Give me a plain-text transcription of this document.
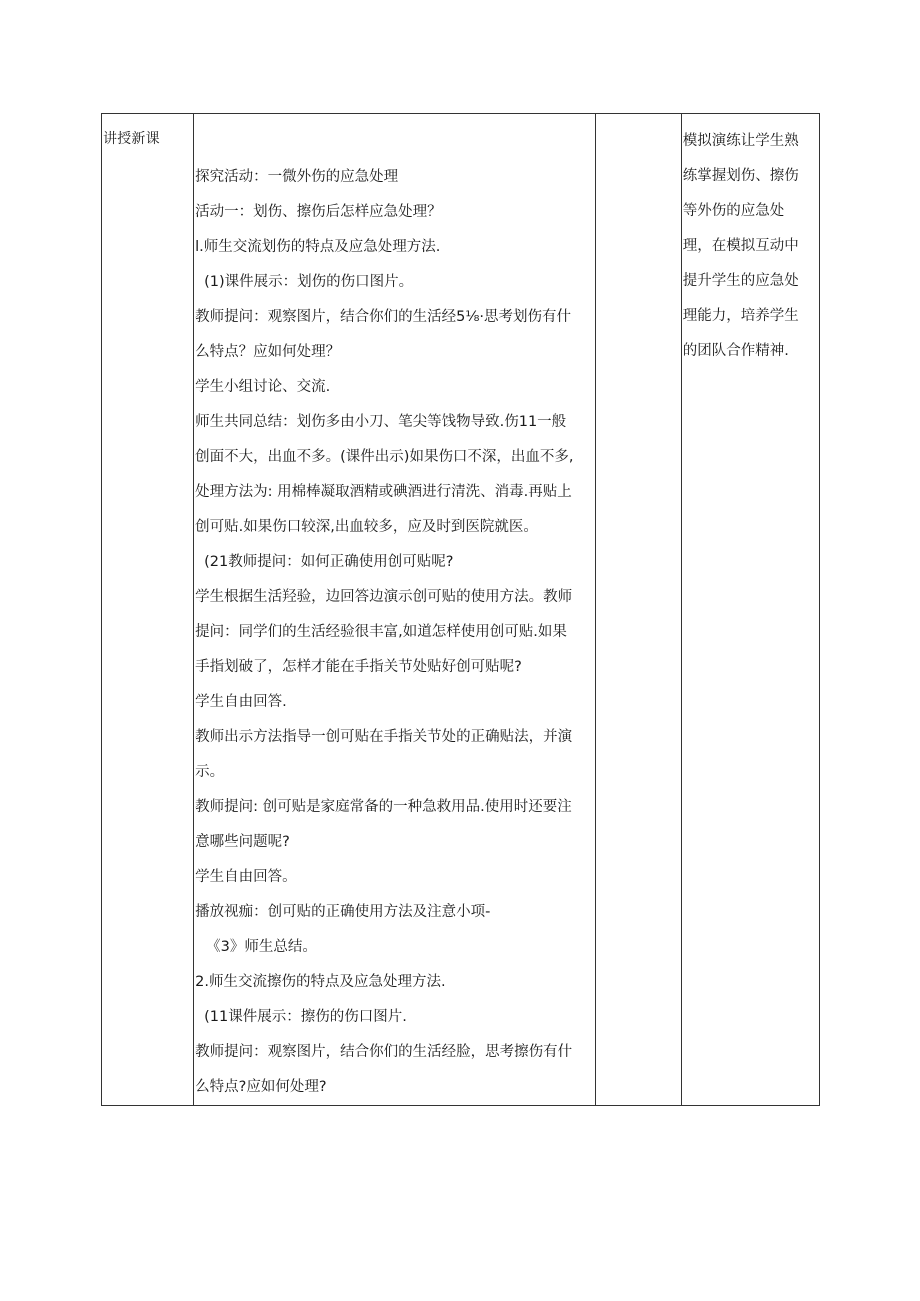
讲授新课

探究活动：一微外伤的应急处理
活动一：划伤、擦伤后怎样应急处理？
l.师生交流划伤的特点及应急处理方法.
(1)课件展示：划伤的伤口图片。
教师提问：观察图片，结合你们的生活经5⅛·思考划伤有什
么特点？应如何处理？
学生小组讨论、交流.
师生共同总结：划伤多由小刀、笔尖等饯物导致.伤11一般
创面不大，出血不多。(课件出示)如果伤口不深，出血不多,
处理方法为: 用棉棒凝取酒精或碘酒进行清洗、消毒.再贴上
创可贴.如果伤口较深,出血较多，应及时到医院就医。
(21教师提问：如何正确使用创可贴呢?
学生根据生活羟验，边回答边演示创可贴的使用方法。教师
提问：同学们的生活经验很丰富,如道怎样使用创可贴.如果
手指划破了，怎样才能在手指关节处贴好创可贴呢?
学生自由回答.
教师出示方法指导一创可贴在手指关节处的正确贴法，并演
示。
教师提问: 创可贴是家庭常备的一种急救用品.使用时还要注
意哪些问题呢?
学生自由回答。
播放视痂：创可贴的正确使用方法及注意小项-
《3》师生总结。
2.师生交流擦伤的特点及应急处理方法.
(11课件展示：擦伤的伤口图片.
教师提问：观察图片，结合你们的生活经脸，思考擦伤有什
么特点?应如何处理?

模拟演练让学生熟
练掌握划伤、擦伤
等外伤的应急处
理，在模拟互动中
提升学生的应急处
理能力，培养学生
的团队合作精神.
